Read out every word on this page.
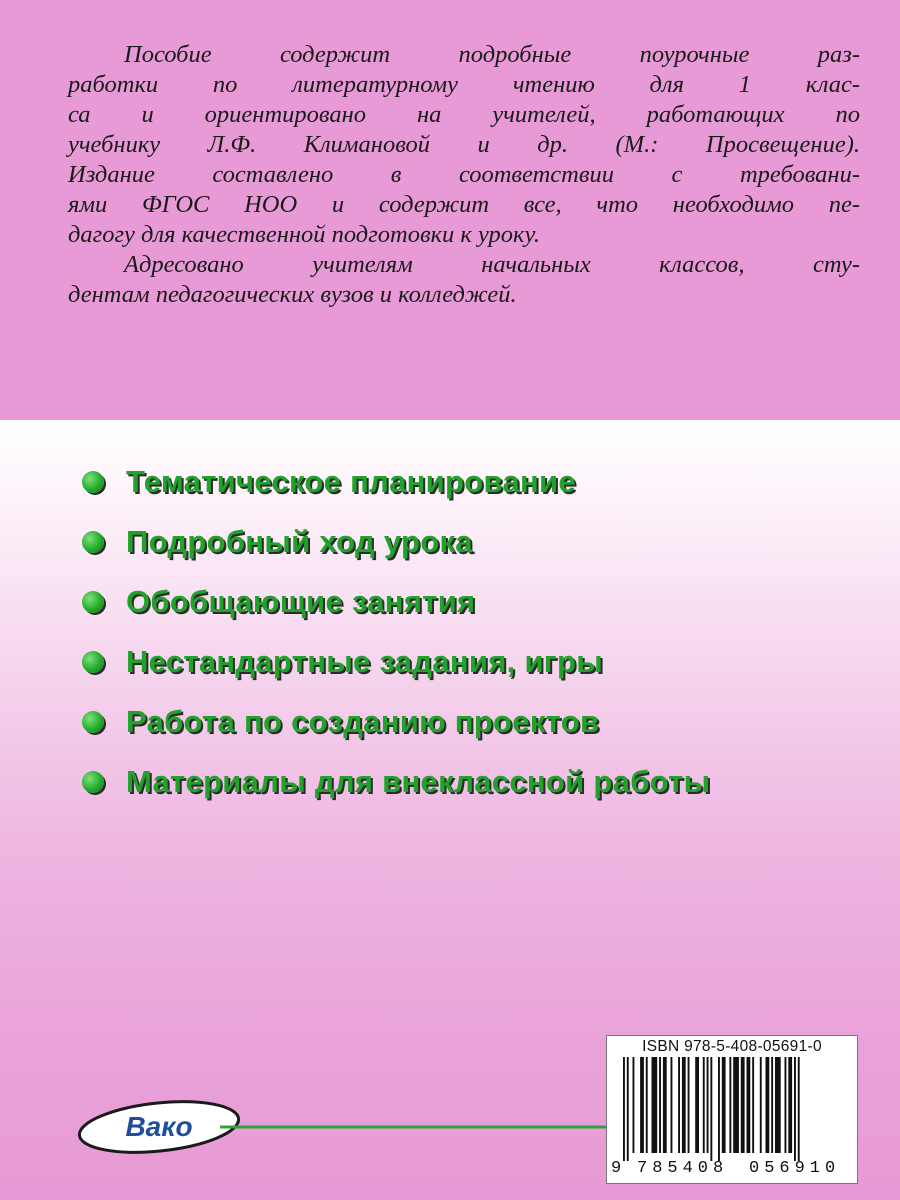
Пособие содержит подробные поурочные раз-
работки по литературному чтению для 1 клас-
са и ориентировано на учителей, работающих по
учебнику Л.Ф. Климановой и др. (М.: Просвещение).
Издание составлено в соответствии с требовани-
ями ФГОС НОО и содержит все, что необходимо пе-
дагогу для качественной подготовки к уроку.

Адресовано учителям начальных классов, сту-
дентам педагогических вузов и колледжей.

Тематическое планирование
Подробный ход урока
Обобщающие занятия
Нестандартные задания, игры
Работа по созданию проектов
Материалы для внеклассной работы
Вако
ISBN 978-5-408-05691-0
9 785408 056910
